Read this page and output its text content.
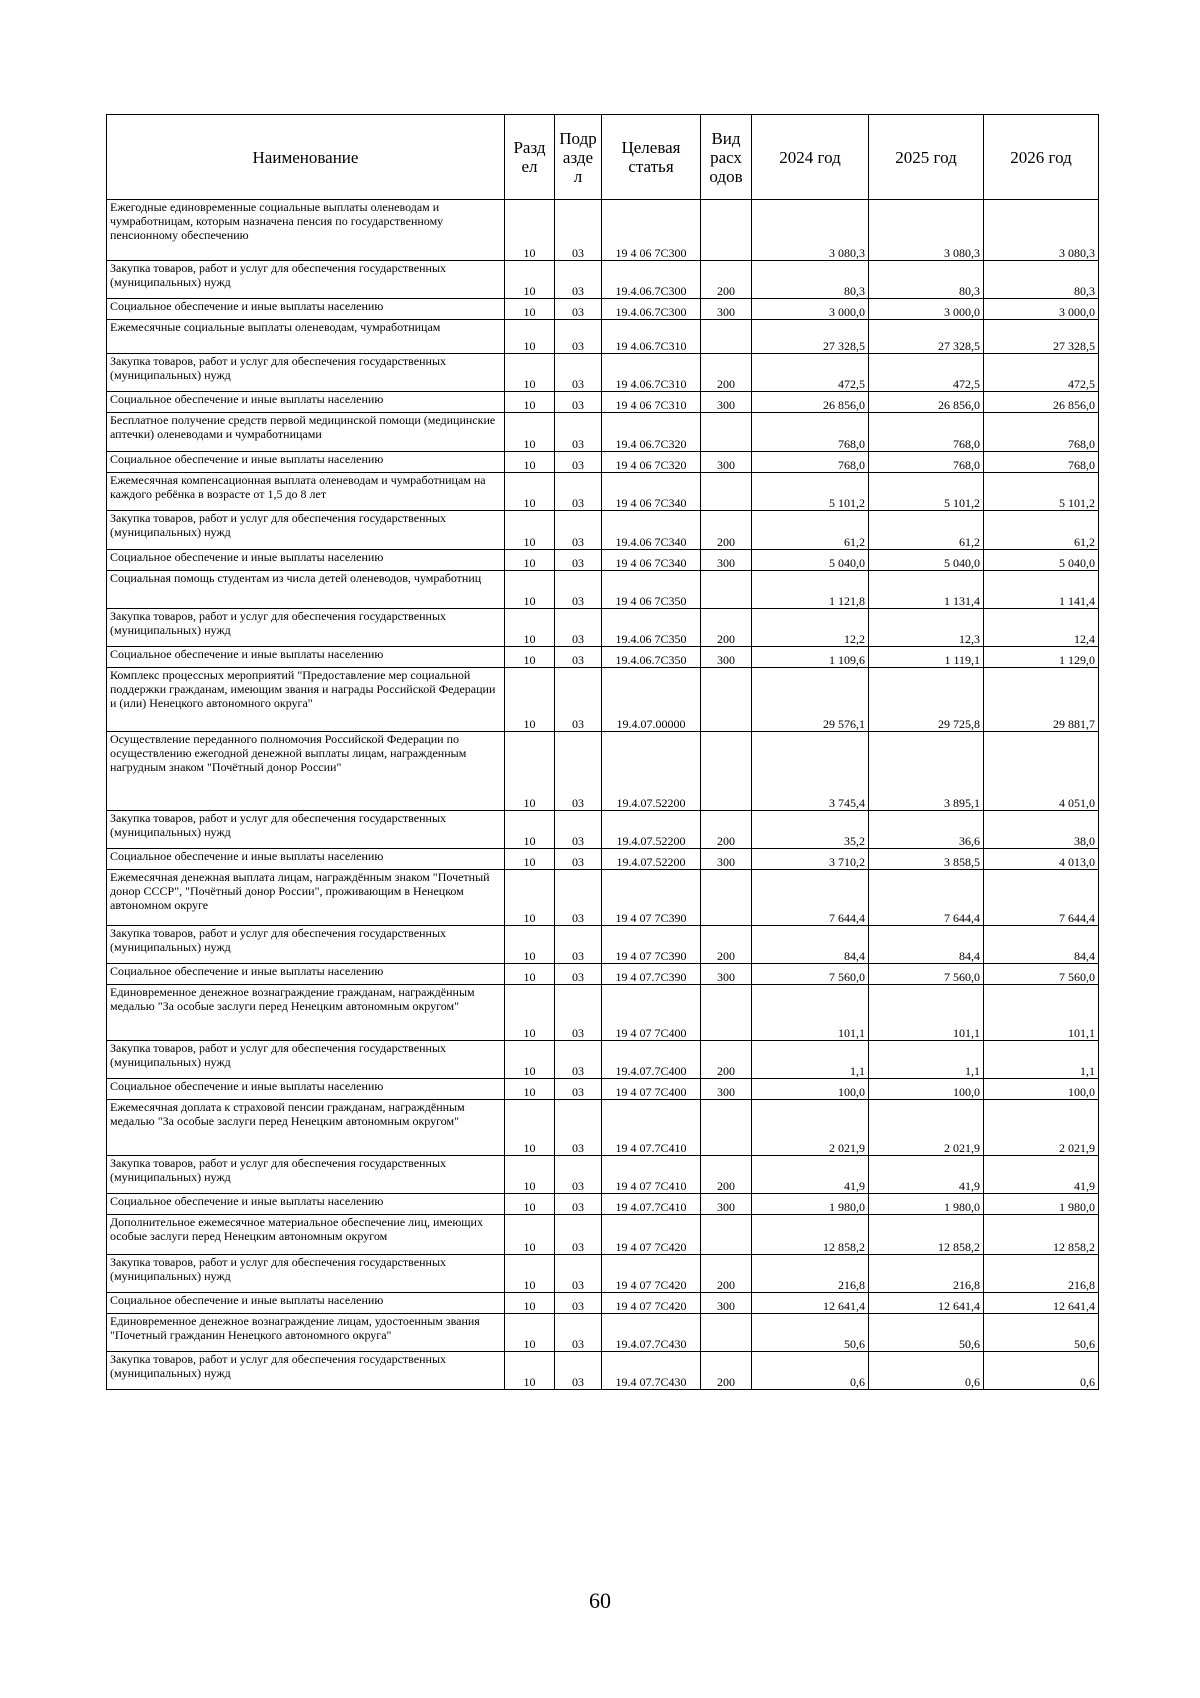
Наименование	Разд ел	Подр азде л	Целевая статья	Вид расх одов	2024 год	2025 год	2026 год
Ежегодные единовременные социальные выплаты оленеводам и чумработницам, которым назначена пенсия по государственному пенсионному обеспечению	10	03	19 4 06 7С300		3 080,3	3 080,3	3 080,3
Закупка товаров, работ и услуг для обеспечения государственных (муниципальных) нужд	10	03	19.4.06.7С300	200	80,3	80,3	80,3
Социальное обеспечение и иные выплаты населению	10	03	19.4.06.7С300	300	3 000,0	3 000,0	3 000,0
Ежемесячные социальные выплаты оленеводам, чумработницам	10	03	19 4.06.7С310		27 328,5	27 328,5	27 328,5
Закупка товаров, работ и услуг для обеспечения государственных (муниципальных) нужд	10	03	19 4.06.7С310	200	472,5	472,5	472,5
Социальное обеспечение и иные выплаты населению	10	03	19 4 06 7С310	300	26 856,0	26 856,0	26 856,0
Бесплатное получение средств первой медицинской помощи (медицинские аптечки) оленеводами и чумработницами	10	03	19.4 06.7С320		768,0	768,0	768,0
Социальное обеспечение и иные выплаты населению	10	03	19 4 06 7С320	300	768,0	768,0	768,0
Ежемесячная компенсационная выплата оленеводам и чумработницам на каждого ребёнка в возрасте от 1,5 до 8 лет	10	03	19 4 06 7С340		5 101,2	5 101,2	5 101,2
Закупка товаров, работ и услуг для обеспечения государственных (муниципальных) нужд	10	03	19.4.06 7С340	200	61,2	61,2	61,2
Социальное обеспечение и иные выплаты населению	10	03	19 4 06 7С340	300	5 040,0	5 040,0	5 040,0
Социальная помощь студентам из числа детей оленеводов, чумработниц	10	03	19 4 06 7С350		1 121,8	1 131,4	1 141,4
Закупка товаров, работ и услуг для обеспечения государственных (муниципальных) нужд	10	03	19.4.06 7С350	200	12,2	12,3	12,4
Социальное обеспечение и иные выплаты населению	10	03	19.4.06.7С350	300	1 109,6	1 119,1	1 129,0
Комплекс процессных мероприятий "Предоставление мер социальной поддержки гражданам, имеющим звания и награды Российской Федерации и (или) Ненецкого автономного округа"	10	03	19.4.07.00000		29 576,1	29 725,8	29 881,7
Осуществление переданного полномочия Российской Федерации по осуществлению ежегодной денежной выплаты лицам, награжденным нагрудным знаком "Почётный донор России"	10	03	19.4.07.52200		3 745,4	3 895,1	4 051,0
Закупка товаров, работ и услуг для обеспечения государственных (муниципальных) нужд	10	03	19.4.07.52200	200	35,2	36,6	38,0
Социальное обеспечение и иные выплаты населению	10	03	19.4.07.52200	300	3 710,2	3 858,5	4 013,0
Ежемесячная денежная выплата лицам, награждённым знаком "Почетный донор СССР", "Почётный донор России", проживающим в Ненецком автономном округе	10	03	19 4 07 7С390		7 644,4	7 644,4	7 644,4
Закупка товаров, работ и услуг для обеспечения государственных (муниципальных) нужд	10	03	19 4 07 7С390	200	84,4	84,4	84,4
Социальное обеспечение и иные выплаты населению	10	03	19 4 07.7С390	300	7 560,0	7 560,0	7 560,0
Единовременное денежное вознаграждение гражданам, награждённым медалью "За особые заслуги перед Ненецким автономным округом"	10	03	19 4 07 7С400		101,1	101,1	101,1
Закупка товаров, работ и услуг для обеспечения государственных (муниципальных) нужд	10	03	19.4.07.7С400	200	1,1	1,1	1,1
Социальное обеспечение и иные выплаты населению	10	03	19 4 07 7С400	300	100,0	100,0	100,0
Ежемесячная доплата к страховой пенсии гражданам, награждённым медалью "За особые заслуги перед Ненецким автономным округом"	10	03	19 4 07.7С410		2 021,9	2 021,9	2 021,9
Закупка товаров, работ и услуг для обеспечения государственных (муниципальных) нужд	10	03	19 4 07 7С410	200	41,9	41,9	41,9
Социальное обеспечение и иные выплаты населению	10	03	19 4.07.7С410	300	1 980,0	1 980,0	1 980,0
Дополнительное ежемесячное материальное обеспечение лиц, имеющих особые заслуги перед Ненецким автономным округом	10	03	19 4 07 7С420		12 858,2	12 858,2	12 858,2
Закупка товаров, работ и услуг для обеспечения государственных (муниципальных) нужд	10	03	19 4 07 7С420	200	216,8	216,8	216,8
Социальное обеспечение и иные выплаты населению	10	03	19 4 07 7С420	300	12 641,4	12 641,4	12 641,4
Единовременное денежное вознаграждение лицам, удостоенным звания "Почетный гражданин Ненецкого автономного округа"	10	03	19.4.07.7С430		50,6	50,6	50,6
Закупка товаров, работ и услуг для обеспечения государственных (муниципальных) нужд	10	03	19.4 07.7С430	200	0,6	0,6	0,6
60
